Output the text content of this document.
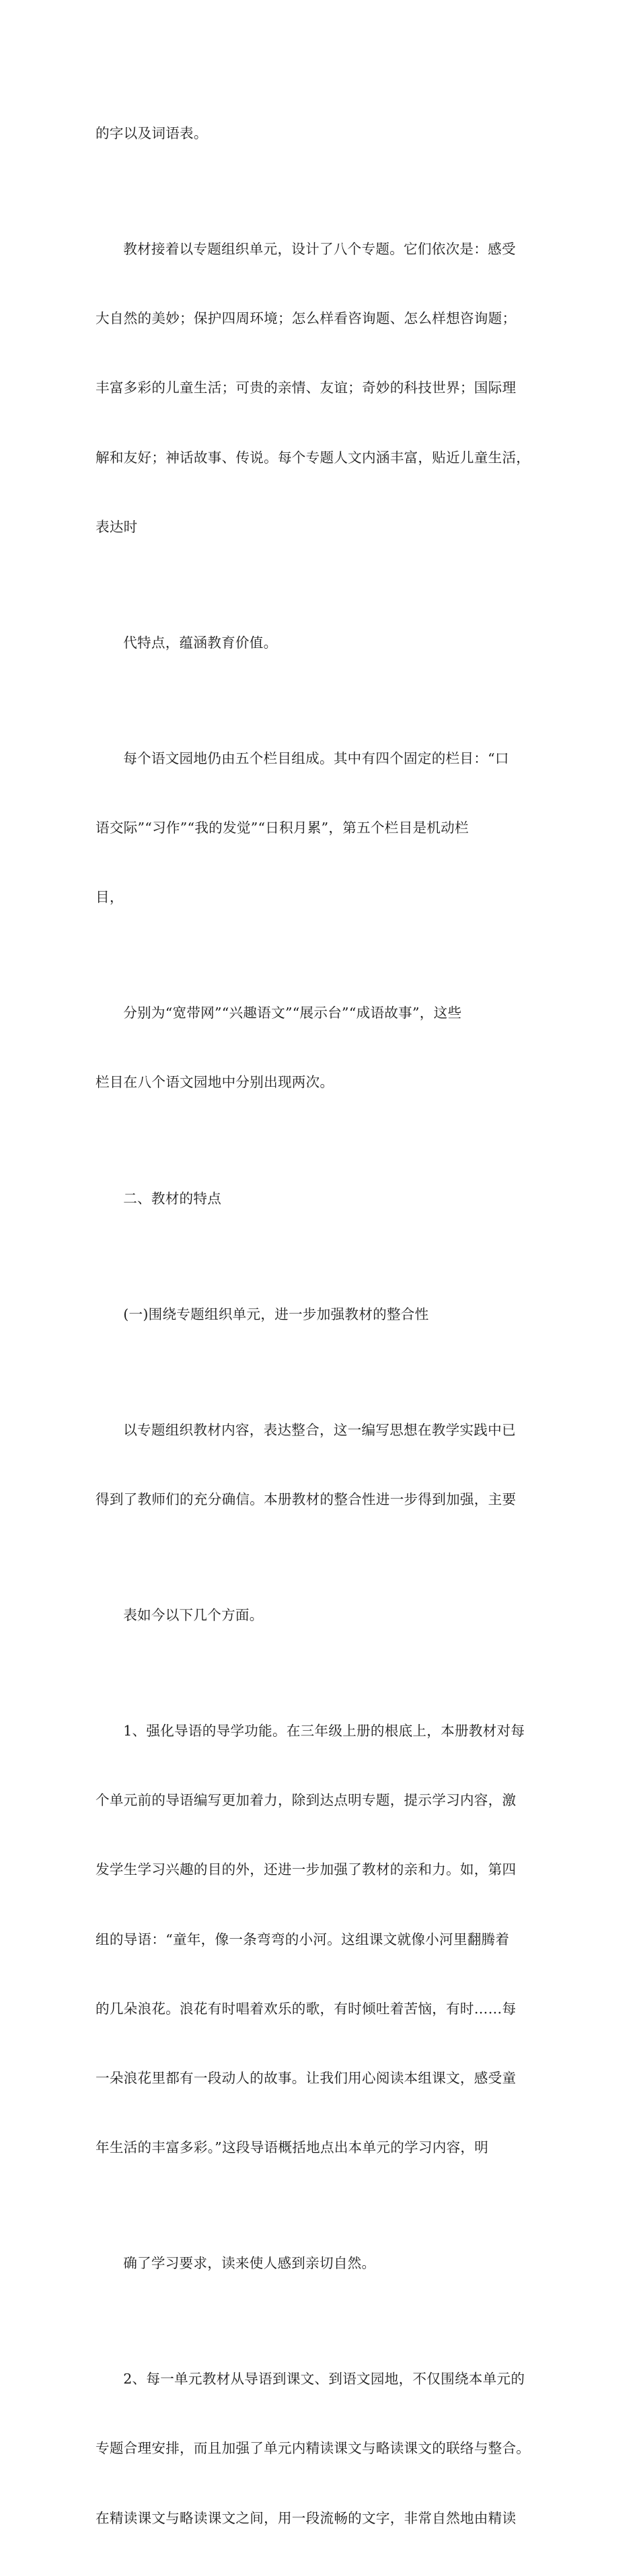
的字以及词语表。

教材接着以专题组织单元，设计了八个专题。它们依次是：感受

大自然的美妙；保护四周环境；怎么样看咨询题、怎么样想咨询题；

丰富多彩的儿童生活；可贵的亲情、友谊；奇妙的科技世界；国际理

解和友好；神话故事、传说。每个专题人文内涵丰富，贴近儿童生活，

表达时

代特点，蕴涵教育价值。

每个语文园地仍由五个栏目组成。其中有四个固定的栏目：“口

语交际”“习作”“我的发觉”“日积月累”，第五个栏目是机动栏

目，

分别为“宽带网”“兴趣语文”“展示台”“成语故事”，这些

栏目在八个语文园地中分别出现两次。

二、教材的特点

(一)围绕专题组织单元，进一步加强教材的整合性

以专题组织教材内容，表达整合，这一编写思想在教学实践中已

得到了教师们的充分确信。本册教材的整合性进一步得到加强，主要

表如今以下几个方面。

1、强化导语的导学功能。在三年级上册的根底上，本册教材对每

个单元前的导语编写更加着力，除到达点明专题，提示学习内容，激

发学生学习兴趣的目的外，还进一步加强了教材的亲和力。如，第四

组的导语：“童年，像一条弯弯的小河。这组课文就像小河里翻腾着

的几朵浪花。浪花有时唱着欢乐的歌，有时倾吐着苦恼，有时……每

一朵浪花里都有一段动人的故事。让我们用心阅读本组课文，感受童

年生活的丰富多彩。”这段导语概括地点出本单元的学习内容，明

确了学习要求，读来使人感到亲切自然。

2、每一单元教材从导语到课文、到语文园地，不仅围绕本单元的

专题合理安排，而且加强了单元内精读课文与略读课文的联络与整合。

在精读课文与略读课文之间，用一段流畅的文字，非常自然地由精读
